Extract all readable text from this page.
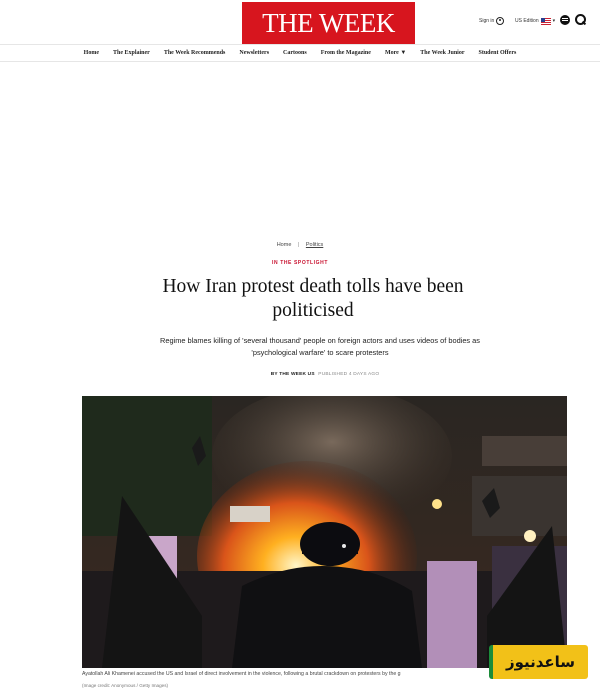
THE WEEK	Sign in	US Edition	▾
Home	The Explainer	The Week Recommends	Newsletters	Cartoons	From the Magazine	More ▼	The Week Junior	Student Offers
Home | Politics
IN THE SPOTLIGHT
How Iran protest death tolls have been politicised

Regime blames killing of 'several thousand' people on foreign actors and uses videos of bodies as 'psychological warfare' to scare protesters

BY THE WEEK US PUBLISHED 4 DAYS AGO
Ayatollah Ali Khamenei accused the US and Israel of direct involvement in the violence, following a brutal crackdown on protesters by the g
(Image credit: Anonymous / Getty Images)
ساعدنیوز
